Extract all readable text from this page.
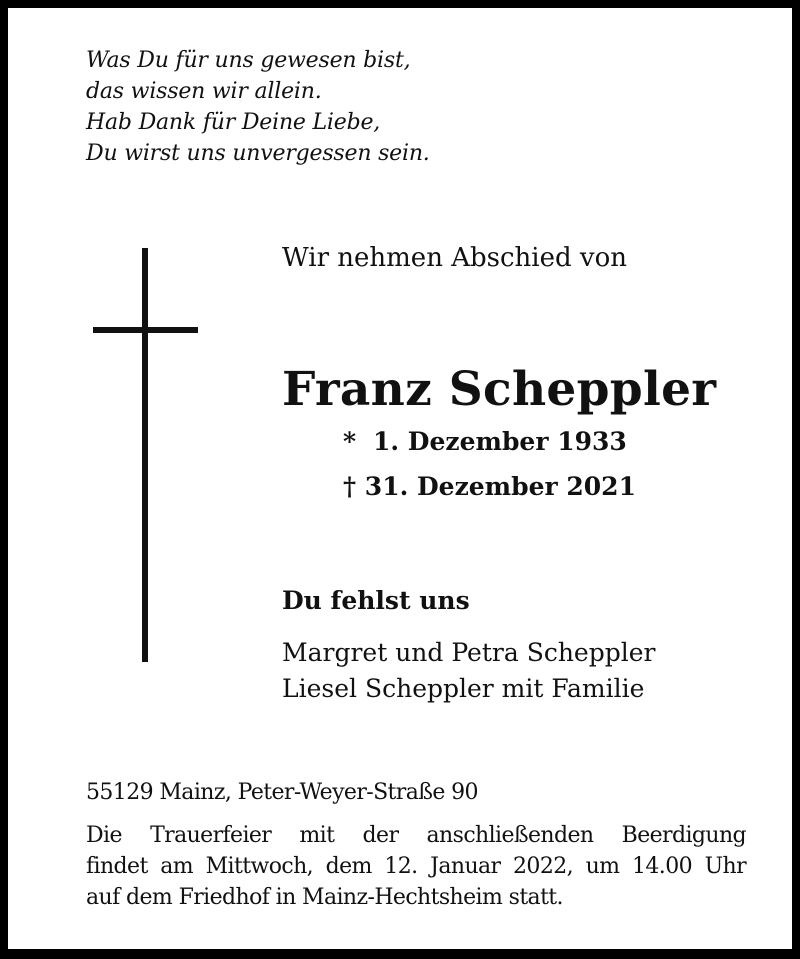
Was Du für uns gewesen bist,
das wissen wir allein.
Hab Dank für Deine Liebe,
Du wirst uns unvergessen sein.
Wir nehmen Abschied von
Franz Scheppler
* 1. Dezember 1933
† 31. Dezember 2021
Du fehlst uns
Margret und Petra Scheppler
Liesel Scheppler mit Familie
55129 Mainz, Peter-Weyer-Straße 90
Die Trauerfeier mit der anschließenden Beerdigung
findet am Mittwoch, dem 12. Januar 2022, um 14.00 Uhr
auf dem Friedhof in Mainz-Hechtsheim statt.
